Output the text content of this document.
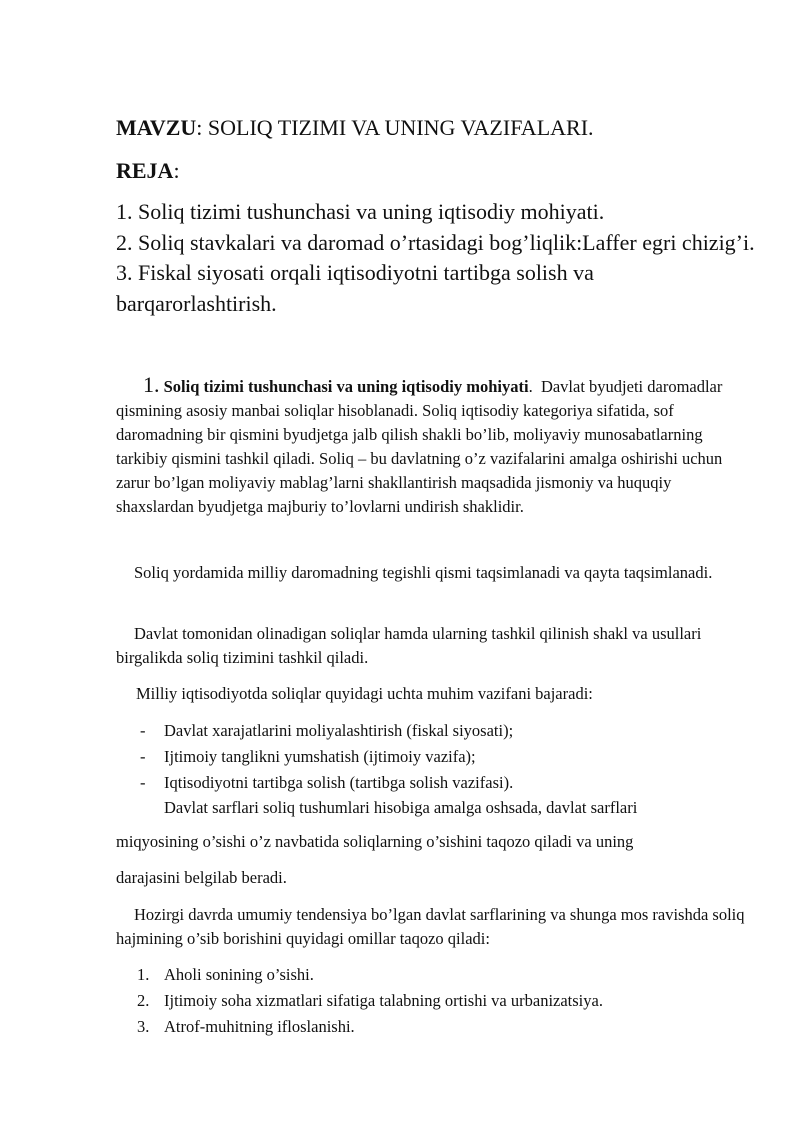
MAVZU: SOLIQ TIZIMI VA UNING VAZIFALARI.
REJA:
1. Soliq tizimi tushunchasi va uning iqtisodiy mohiyati.
2. Soliq stavkalari va daromad o’rtasidagi bog’liqlik:Laffer egri chizig’i.
3. Fiskal siyosati orqali iqtisodiyotni tartibga solish va barqarorlashtirish.
1. Soliq tizimi tushunchasi va uning iqtisodiy mohiyati. Davlat byudjeti daromadlar qismining asosiy manbai soliqlar hisoblanadi. Soliq iqtisodiy kategoriya sifatida, sof daromadning bir qismini byudjetga jalb qilish shakli bo’lib, moliyaviy munosabatlarning tarkibiy qismini tashkil qiladi. Soliq – bu davlatning o’z vazifalarini amalga oshirishi uchun zarur bo’lgan moliyaviy mablag’larni shakllantirish maqsadida jismoniy va huquqiy shaxslardan byudjetga majburiy to’lovlarni undirish shaklidir.
Soliq yordamida milliy daromadning tegishli qismi taqsimlanadi va qayta taqsimlanadi.
Davlat tomonidan olinadigan soliqlar hamda ularning tashkil qilinish shakl va usullari birgalikda soliq tizimini tashkil qiladi.
Milliy iqtisodiyotda soliqlar quyidagi uchta muhim vazifani bajaradi:
- Davlat xarajatlarini moliyalashtirish (fiskal siyosati);
- Ijtimoiy tanglikni yumshatish (ijtimoiy vazifa);
- Iqtisodiyotni tartibga solish (tartibga solish vazifasi).
Davlat sarflari soliq tushumlari hisobiga amalga oshsada, davlat sarflari
miqyosining o’sishi o’z navbatida soliqlarning o’sishini taqozo qiladi va uning
darajasini belgilab beradi.
Hozirgi davrda umumiy tendensiya bo’lgan davlat sarflarining va shunga mos ravishda soliq hajmining o’sib borishini quyidagi omillar taqozo qiladi:
1. Aholi sonining o’sishi.
2. Ijtimoiy soha xizmatlari sifatiga talabning ortishi va urbanizatsiya.
3. Atrof-muhitning ifloslanishi.
